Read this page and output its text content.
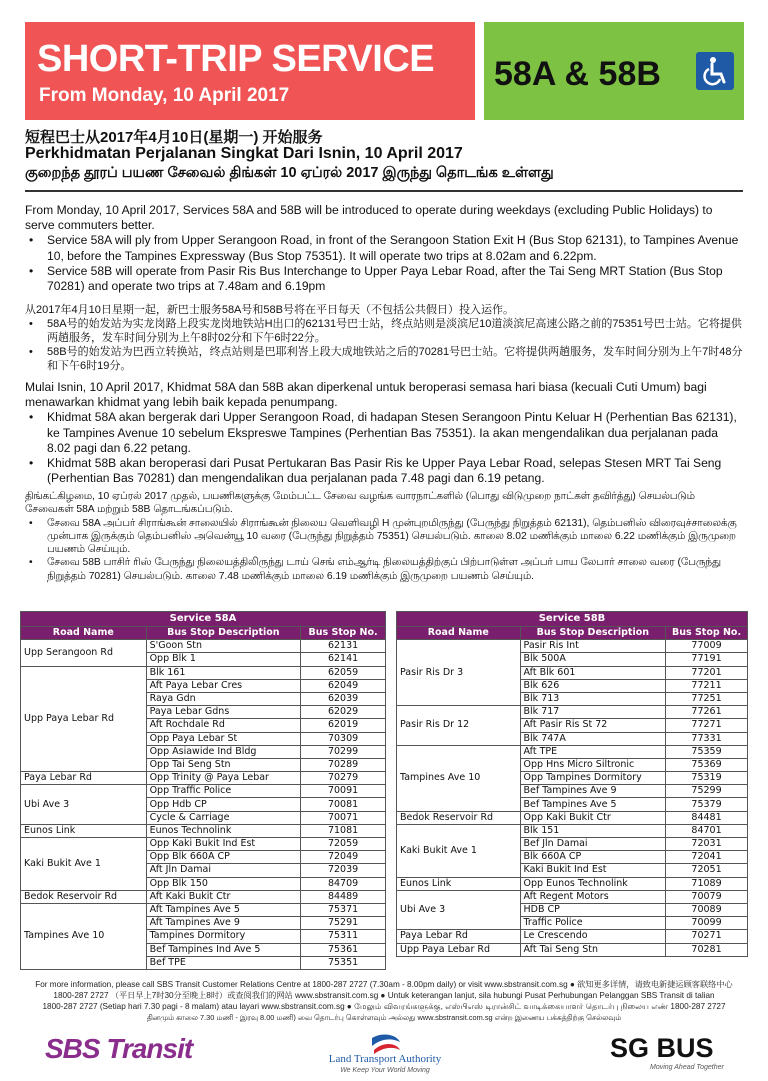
SHORT-TRIP SERVICE
From Monday, 10 April 2017
58A & 58B
短程巴士从2017年4月10日(星期一) 开始服务
Perkhidmatan Perjalanan Singkat Dari Isnin, 10 April 2017
குறைந்த தூரப் பயண சேவைல் திங்கள் 10 ஏப்ரல் 2017 இருந்து தொடங்க உள்ளது

From Monday, 10 April 2017, Services 58A and 58B will be introduced to operate during weekdays (excluding Public Holidays) to serve commuters better.

• Service 58A will ply from Upper Serangoon Road, in front of the Serangoon Station Exit H (Bus Stop 62131), to Tampines Avenue 10, before the Tampines Expressway (Bus Stop 75351). It will operate two trips at 8.02am and 6.22pm.
• Service 58B will operate from Pasir Ris Bus Interchange to Upper Paya Lebar Road, after the Tai Seng MRT Station (Bus Stop 70281) and operate two trips at 7.48am and 6.19pm

从2017年4月10日星期一起，新巴士服务58A号和58B号将在平日每天（不包括公共假日）投入运作。

• 58A号的始发站为实龙岗路上段实龙岗地铁站H出口的62131号巴士站，终点站则是淡滨尼10道淡滨尼高速公路之前的75351号巴士站。它将提供两趟服务，发车时间分别为上午8时02分和下午6时22分。
• 58B号的始发站为巴西立转换站，终点站则是巴耶利峇上段大成地铁站之后的70281号巴士站。它将提供两趟服务，发车时间分别为上午7时48分和下午6时19分。

Mulai Isnin, 10 April 2017, Khidmat 58A dan 58B akan diperkenal untuk beroperasi semasa hari biasa (kecuali Cuti Umum) bagi menawarkan khidmat yang lebih baik kepada penumpang.

• Khidmat 58A akan bergerak dari Upper Serangoon Road, di hadapan Stesen Serangoon Pintu Keluar H (Perhentian Bas 62131), ke Tampines Avenue 10 sebelum Ekspreswe Tampines (Perhentian Bas 75351). Ia akan mengendalikan dua perjalanan pada 8.02 pagi dan 6.22 petang.
• Khidmat 58B akan beroperasi dari Pusat Pertukaran Bas Pasir Ris ke Upper Paya Lebar Road, selepas Stesen MRT Tai Seng (Perhentian Bas 70281) dan mengendalikan dua perjalanan pada 7.48 pagi dan 6.19 petang.

திங்கட்கிழமை, 10 ஏப்ரல் 2017 முதல், பயணிகளுக்கு மேம்பட்ட சேவை வழங்க வாரநாட்களில் (பொது விடுமுறை நாட்கள் தவிர்த்து) செயல்படும் சேவைகள் 58A மற்றும் 58B தொடங்கப்படும்.

• சேவை 58A அப்பர் சிராங்கூன் சாலையில் சிராங்கூன் நிலைய வெளிவழி H முன்புறமிருந்து (பேருந்து நிறுத்தம் 62131), தெம்பனிஸ் விரைவுச்சாலைக்கு முன்பாக இருக்கும் தெம்பனிஸ் அவென்யூ 10 வரை (பேருந்து நிறுத்தம் 75351) செயல்படும். காலை 8.02 மணிக்கும் மாலை 6.22 மணிக்கும் இருமுறை பயணம் செய்யும்.
• சேவை 58B பாசிர் ரிஸ் பேருந்து நிலையத்திலிருந்து டாய் செங் எம்ஆர்டி நிலையத்திற்குப் பிற்பாடுள்ள அப்பர் பாய லேபார் சாலை வரை (பேருந்து நிறுத்தம் 70281) செயல்படும். காலை 7.48 மணிக்கும் மாலை 6.19 மணிக்கும் இருமுறை பயணம் செய்யும்.
Service 58A		
Road Name	Bus Stop Description	Bus Stop No.
Upp Serangoon Rd	S'Goon Stn	62131
	Opp Blk 1	62141
Upp Paya Lebar Rd	Blk 161	62059
	Aft Paya Lebar Cres	62049
	Raya Gdn	62039
	Paya Lebar Gdns	62029
	Aft Rochdale Rd	62019
	Opp Paya Lebar St	70309
	Opp Asiawide Ind Bldg	70299
	Opp Tai Seng Stn	70289
Paya Lebar Rd	Opp Trinity @ Paya Lebar	70279
Ubi Ave 3	Opp Traffic Police	70091
	Opp Hdb CP	70081
	Cycle & Carriage	70071
Eunos Link	Eunos Technolink	71081
Kaki Bukit Ave 1	Opp Kaki Bukit Ind Est	72059
	Opp Blk 660A CP	72049
	Aft Jln Damai	72039
	Opp Blk 150	84709
Bedok Reservoir Rd	Aft Kaki Bukit Ctr	84489
Tampines Ave 10	Aft Tampines Ave 5	75371
	Aft Tampines Ave 9	75291
	Tampines Dormitory	75311
	Bef Tampines Ind Ave 5	75361
	Bef TPE	75351
Service 58B		
Road Name	Bus Stop Description	Bus Stop No.
Pasir Ris Dr 3	Pasir Ris Int	77009
	Blk 500A	77191
	Aft Blk 601	77201
	Blk 626	77211
	Blk 713	77251
Pasir Ris Dr 12	Blk 717	77261
	Aft Pasir Ris St 72	77271
	Blk 747A	77331
Tampines Ave 10	Aft TPE	75359
	Opp Hns Micro Siltronic	75369
	Opp Tampines Dormitory	75319
	Bef Tampines Ave 9	75299
	Bef Tampines Ave 5	75379
Bedok Reservoir Rd	Opp Kaki Bukit Ctr	84481
Kaki Bukit Ave 1	Blk 151	84701
	Bef Jln Damai	72031
	Blk 660A CP	72041
	Kaki Bukit Ind Est	72051
Eunos Link	Opp Eunos Technolink	71089
Ubi Ave 3	Aft Regent Motors	70079
	HDB CP	70089
	Traffic Police	70099
Paya Lebar Rd	Le Crescendo	70271
Upp Paya Lebar Rd	Aft Tai Seng Stn	70281
For more information, please call SBS Transit Customer Relations Centre at 1800-287 2727 (7.30am - 8.00pm daily) or visit www.sbstransit.com.sg ● 欲知更多详情，请致电新捷运顾客联络中心
1800-287 2727 （平日早上7时30分至晚上8时）或查阅我们的网站 www.sbstransit.com.sg ● Untuk keterangan lanjut, sila hubungi Pusat Perhubungan Pelanggan SBS Transit di talian
1800-287 2727 (Setiap hari 7.30 pagi - 8 malam) atau layari www.sbstransit.com.sg ● மேலும் விவரங்களுக்கு, எஸ்பிஎஸ் டிரான்சிட் வாடிக்கையாளர் தொடர்பு நிலைய எண் 1800-287 2727
தினமும் காலை 7.30 மணி - இரவு 8.00 மணி) வை தொடர்பு கொள்ளவும் அல்லது www.sbstransit.com.sg என்ற இணைய பக்கத்திற்கு செல்லவும்
SBS Transit	Land Transport Authority
We Keep Your World Moving
SG BUS
Moving Ahead Together
